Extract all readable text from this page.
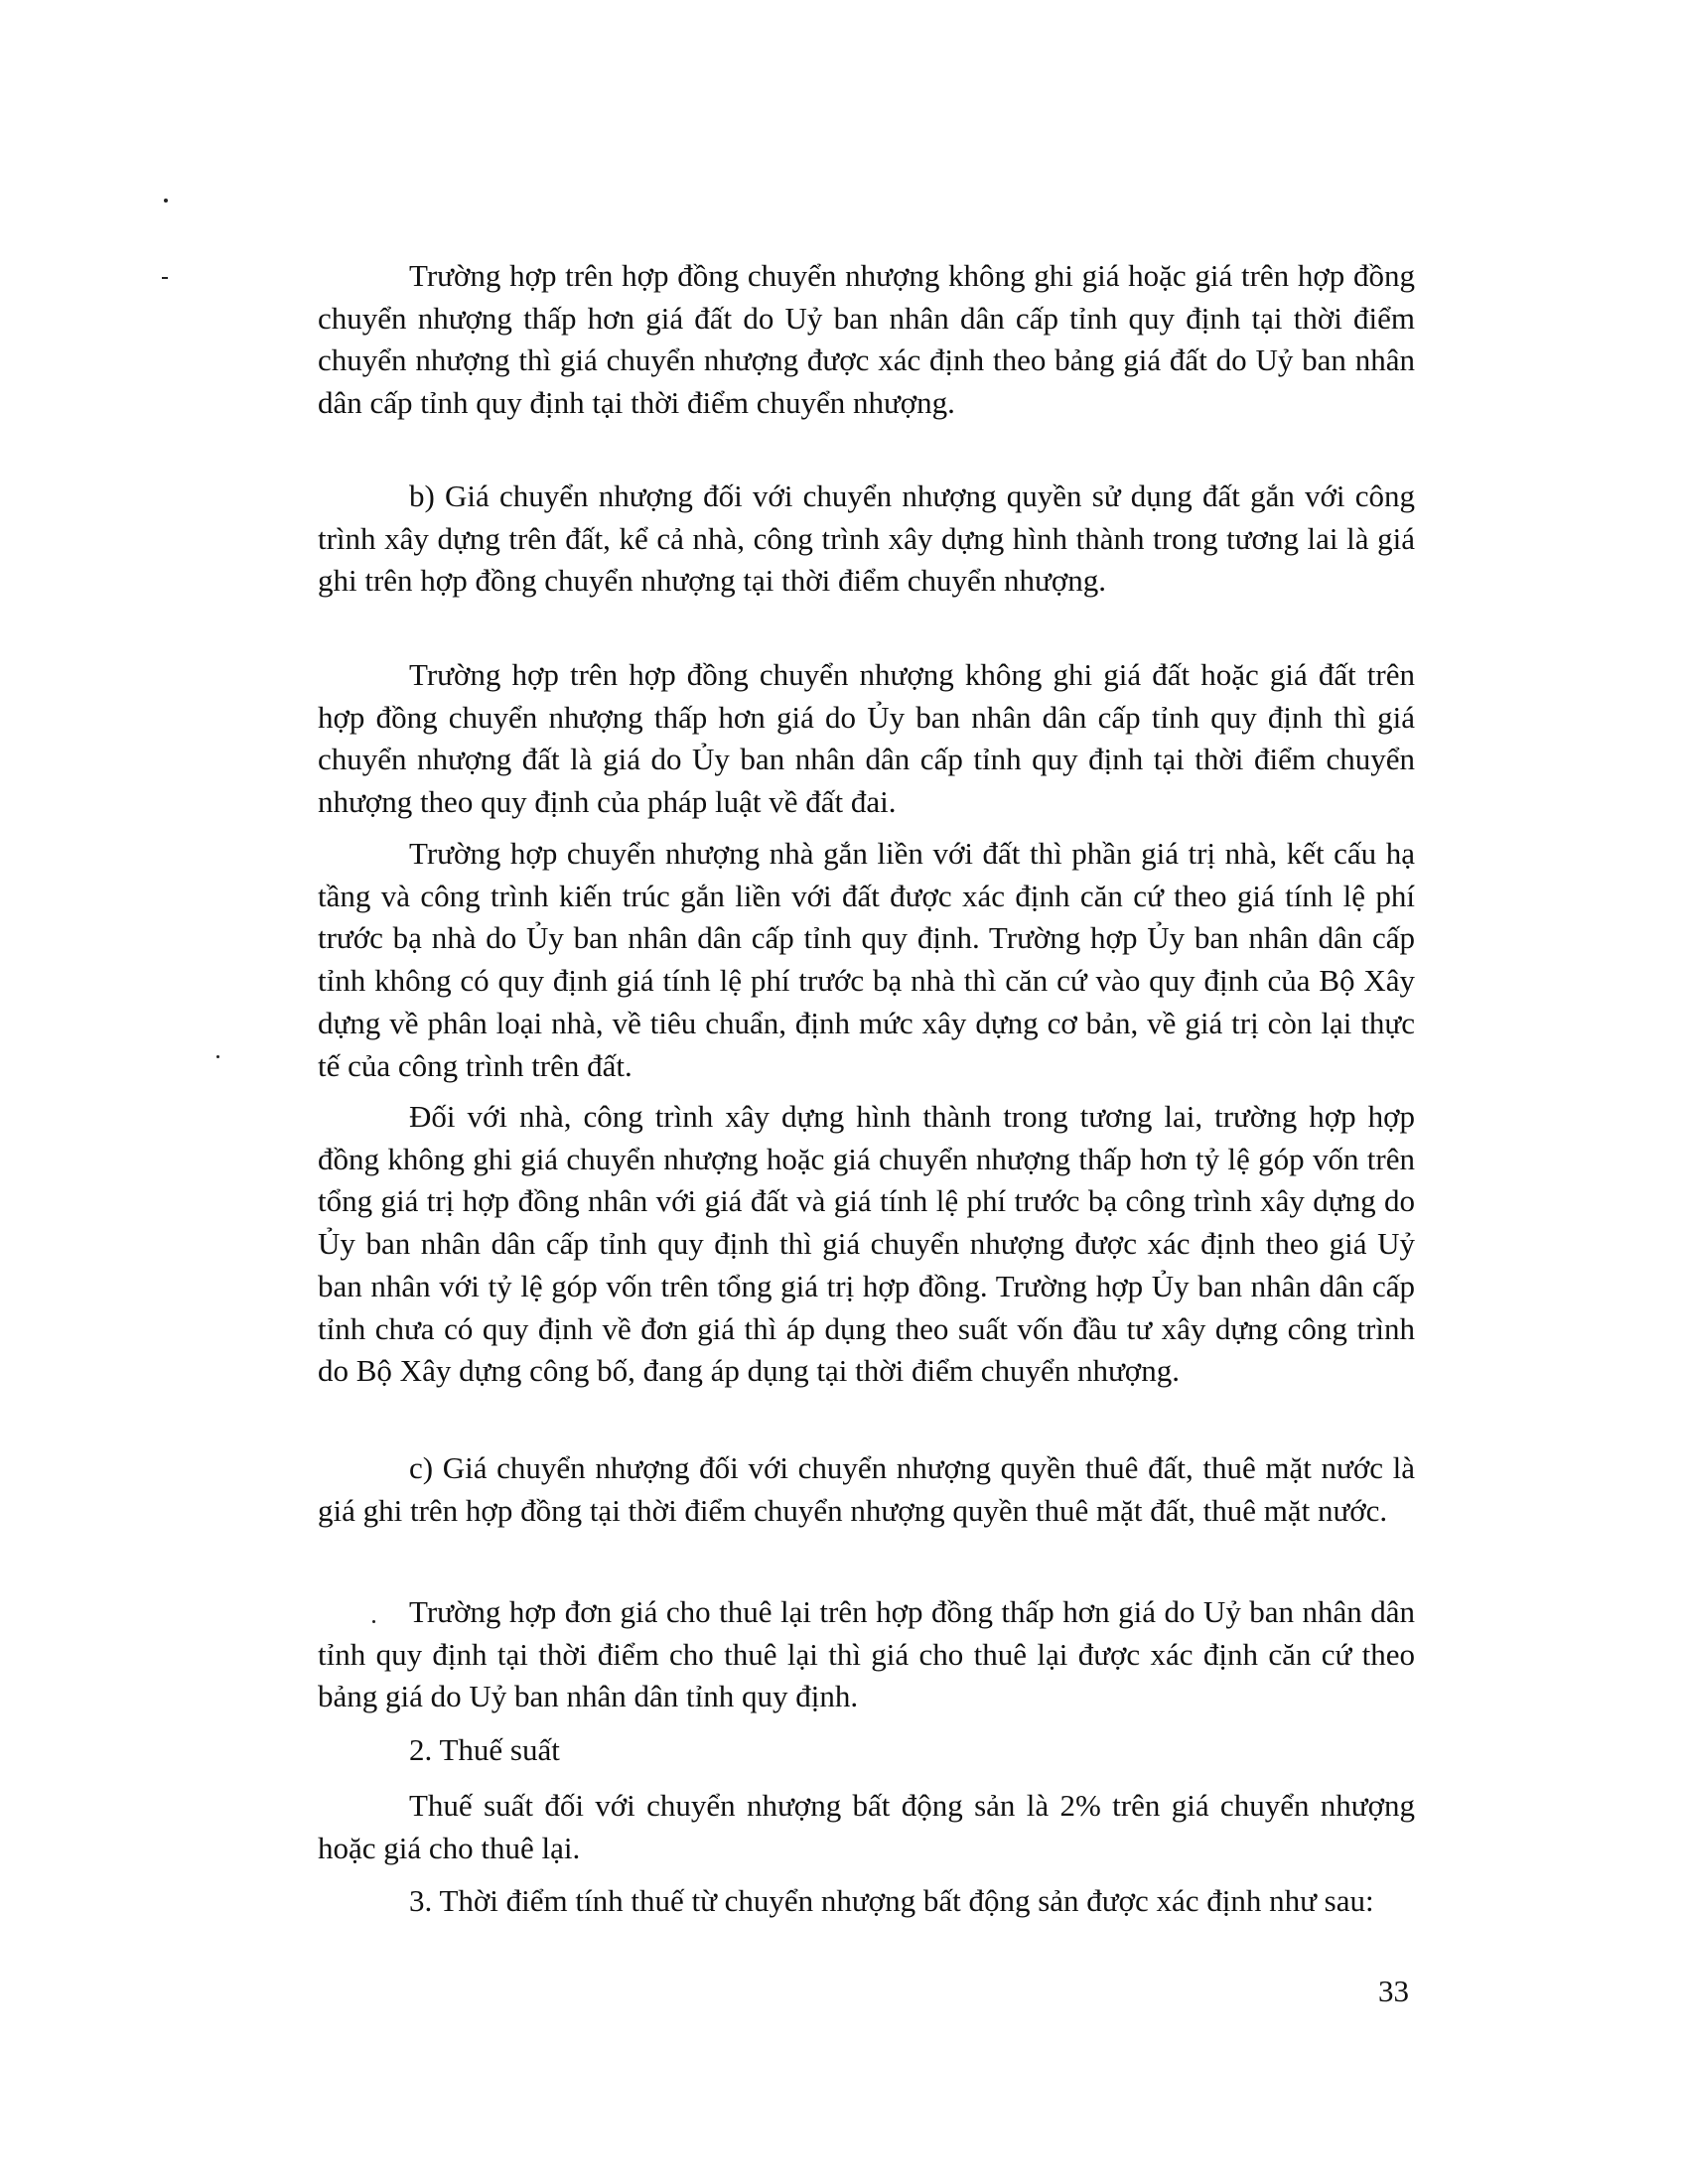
Trường hợp trên hợp đồng chuyển nhượng không ghi giá hoặc giá trên hợp đồng chuyển nhượng thấp hơn giá đất do Uỷ ban nhân dân cấp tỉnh quy định tại thời điểm chuyển nhượng thì giá chuyển nhượng được xác định theo bảng giá đất do Uỷ ban nhân dân cấp tỉnh quy định tại thời điểm chuyển nhượng.

b) Giá chuyển nhượng đối với chuyển nhượng quyền sử dụng đất gắn với công trình xây dựng trên đất, kể cả nhà, công trình xây dựng hình thành trong tương lai là giá ghi trên hợp đồng chuyển nhượng tại thời điểm chuyển nhượng.

Trường hợp trên hợp đồng chuyển nhượng không ghi giá đất hoặc giá đất trên hợp đồng chuyển nhượng thấp hơn giá do Ủy ban nhân dân cấp tỉnh quy định thì giá chuyển nhượng đất là giá do Ủy ban nhân dân cấp tỉnh quy định tại thời điểm chuyển nhượng theo quy định của pháp luật về đất đai.

Trường hợp chuyển nhượng nhà gắn liền với đất thì phần giá trị nhà, kết cấu hạ tầng và công trình kiến trúc gắn liền với đất được xác định căn cứ theo giá tính lệ phí trước bạ nhà do Ủy ban nhân dân cấp tỉnh quy định. Trường hợp Ủy ban nhân dân cấp tỉnh không có quy định giá tính lệ phí trước bạ nhà thì căn cứ vào quy định của Bộ Xây dựng về phân loại nhà, về tiêu chuẩn, định mức xây dựng cơ bản, về giá trị còn lại thực tế của công trình trên đất.

Đối với nhà, công trình xây dựng hình thành trong tương lai, trường hợp hợp đồng không ghi giá chuyển nhượng hoặc giá chuyển nhượng thấp hơn tỷ lệ góp vốn trên tổng giá trị hợp đồng nhân với giá đất và giá tính lệ phí trước bạ công trình xây dựng do Ủy ban nhân dân cấp tỉnh quy định thì giá chuyển nhượng được xác định theo giá Uỷ ban nhân với tỷ lệ góp vốn trên tổng giá trị hợp đồng. Trường hợp Ủy ban nhân dân cấp tỉnh chưa có quy định về đơn giá thì áp dụng theo suất vốn đầu tư xây dựng công trình do Bộ Xây dựng công bố, đang áp dụng tại thời điểm chuyển nhượng.

c) Giá chuyển nhượng đối với chuyển nhượng quyền thuê đất, thuê mặt nước là giá ghi trên hợp đồng tại thời điểm chuyển nhượng quyền thuê mặt đất, thuê mặt nước.

Trường hợp đơn giá cho thuê lại trên hợp đồng thấp hơn giá do Uỷ ban nhân dân tỉnh quy định tại thời điểm cho thuê lại thì giá cho thuê lại được xác định căn cứ theo bảng giá do Uỷ ban nhân dân tỉnh quy định.

2. Thuế suất

Thuế suất đối với chuyển nhượng bất động sản là 2% trên giá chuyển nhượng hoặc giá cho thuê lại.

3. Thời điểm tính thuế từ chuyển nhượng bất động sản được xác định như sau:

33
